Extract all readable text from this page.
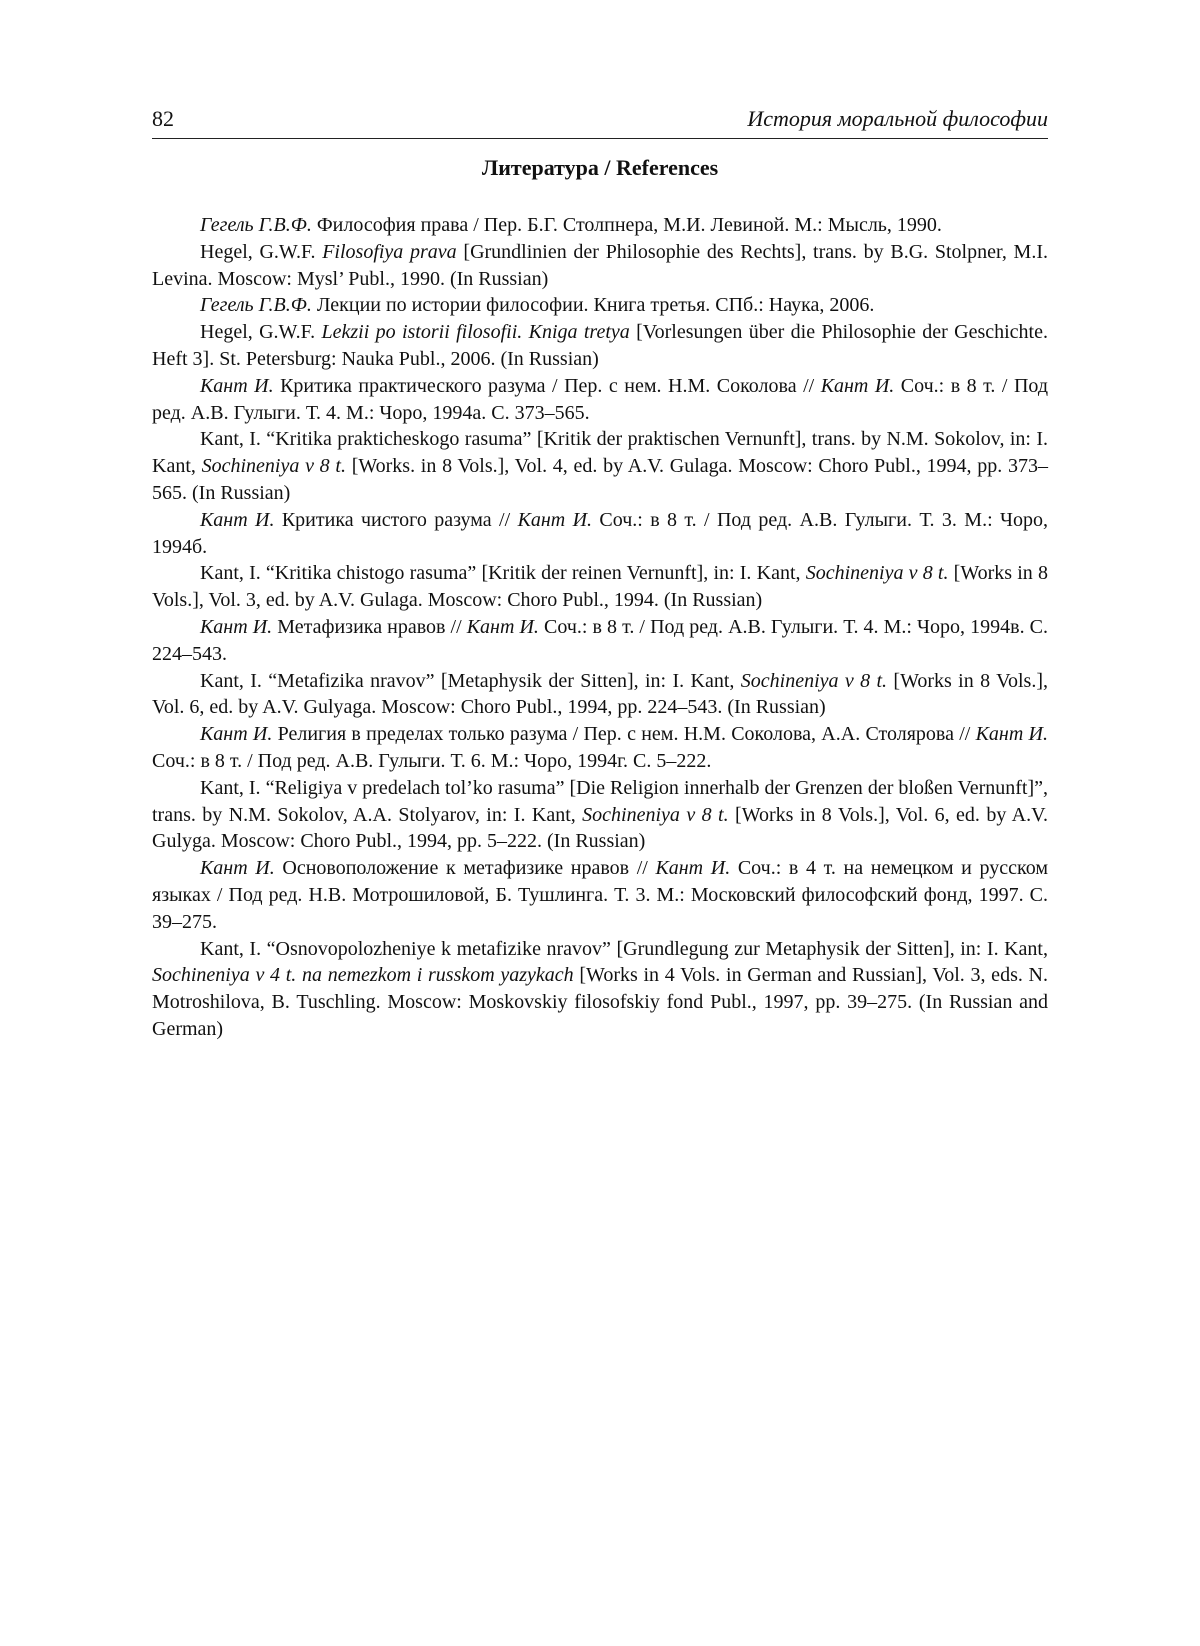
82	История моральной философии
Литература / References

Гегель Г.В.Ф. Философия права / Пер. Б.Г. Столпнера, М.И. Левиной. М.: Мысль, 1990.

Hegel, G.W.F. Filosofiya prava [Grundlinien der Philosophie des Rechts], trans. by B.G. Stolpner, M.I. Levina. Moscow: Mysl’ Publ., 1990. (In Russian)

Гегель Г.В.Ф. Лекции по истории философии. Книга третья. СПб.: Наука, 2006.

Hegel, G.W.F. Lekzii po istorii filosofii. Kniga tretya [Vorlesungen über die Philosophie der Geschichte. Heft 3]. St. Petersburg: Nauka Publ., 2006. (In Russian)

Кант И. Критика практического разума / Пер. с нем. Н.М. Соколова // Кант И. Соч.: в 8 т. / Под ред. А.В. Гулыги. Т. 4. М.: Чоро, 1994а. С. 373–565.

Kant, I. “Kritika prakticheskogo rasuma” [Kritik der praktischen Vernunft], trans. by N.M. Sokolov, in: I. Kant, Sochineniya v 8 t. [Works. in 8 Vols.], Vol. 4, ed. by A.V. Gulaga. Moscow: Choro Publ., 1994, pp. 373–565. (In Russian)

Кант И. Критика чистого разума // Кант И. Соч.: в 8 т. / Под ред. А.В. Гулыги. Т. 3. М.: Чоро, 1994б.

Kant, I. “Kritika chistogo rasuma” [Kritik der reinen Vernunft], in: I. Kant, Sochineniya v 8 t. [Works in 8 Vols.], Vol. 3, ed. by A.V. Gulaga. Moscow: Choro Publ., 1994. (In Russian)

Кант И. Метафизика нравов // Кант И. Соч.: в 8 т. / Под ред. А.В. Гулыги. Т. 4. М.: Чоро, 1994в. С. 224–543.

Kant, I. “Metafizika nravov” [Metaphysik der Sitten], in: I. Kant, Sochineniya v 8 t. [Works in 8 Vols.], Vol. 6, ed. by A.V. Gulyaga. Moscow: Choro Publ., 1994, pp. 224–543. (In Russian)

Кант И. Религия в пределах только разума / Пер. с нем. Н.М. Соколова, А.А. Столярова // Кант И. Соч.: в 8 т. / Под ред. А.В. Гулыги. Т. 6. М.: Чоро, 1994г. С. 5–222.

Kant, I. “Religiya v predelach tol’ko rasuma” [Die Religion innerhalb der Grenzen der bloßen Vernunft]”, trans. by N.M. Sokolov, A.A. Stolyarov, in: I. Kant, Sochineniya v 8 t. [Works in 8 Vols.], Vol. 6, ed. by A.V. Gulyga. Moscow: Choro Publ., 1994, pp. 5–222. (In Russian)

Кант И. Основоположение к метафизике нравов // Кант И. Соч.: в 4 т. на немецком и русском языках / Под ред. Н.В. Мотрошиловой, Б. Тушлинга. Т. 3. М.: Московский философский фонд, 1997. С. 39–275.

Kant, I. “Osnovopolozheniye k metafizike nravov” [Grundlegung zur Metaphysik der Sitten], in: I. Kant, Sochineniya v 4 t. na nemezkom i russkom yazykach [Works in 4 Vols. in German and Russian], Vol. 3, eds. N. Motroshilova, B. Tuschling. Moscow: Moskovskiy filosofskiy fond Publ., 1997, pp. 39–275. (In Russian and German)
